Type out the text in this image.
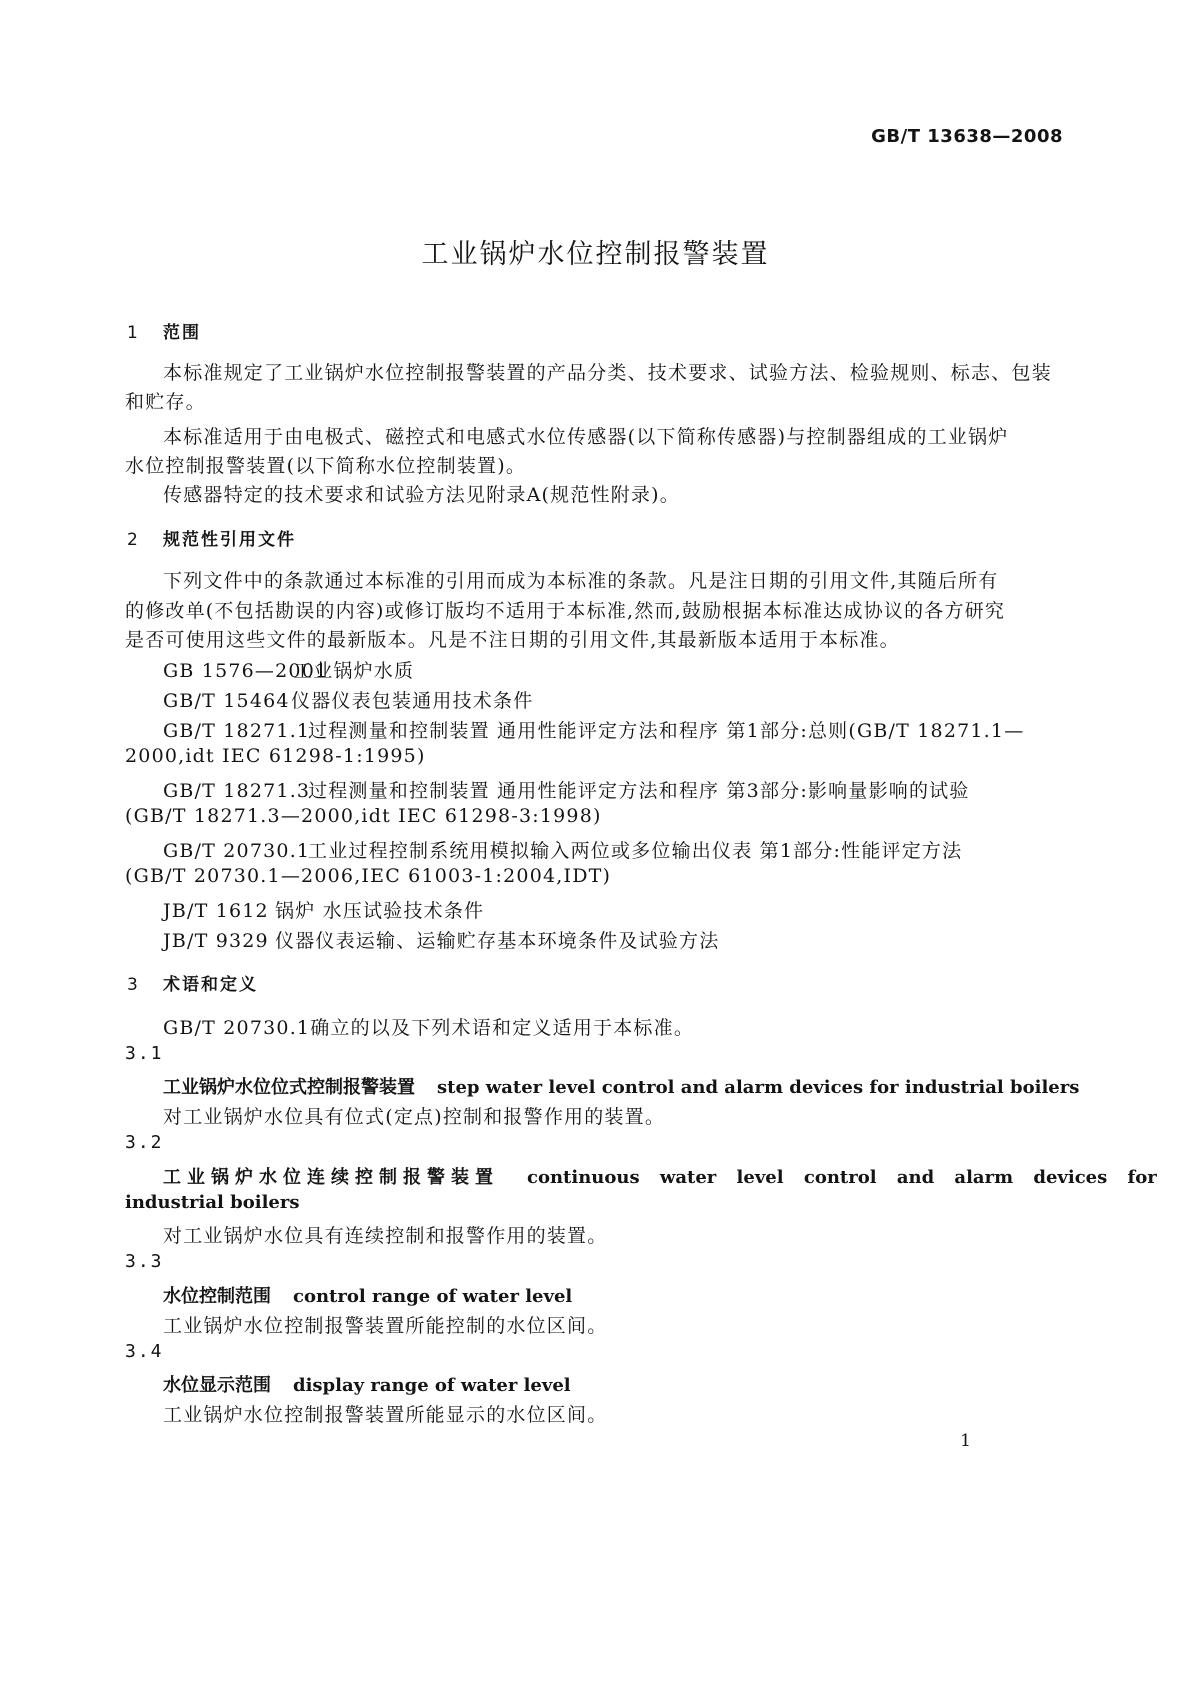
GB/T 13638—2008
工业锅炉水位控制报警装置
1 范围
本标准规定了工业锅炉水位控制报警装置的产品分类、技术要求、试验方法、检验规则、标志、包装
和贮存。
本标准适用于由电极式、磁控式和电感式水位传感器(以下简称传感器)与控制器组成的工业锅炉
水位控制报警装置(以下简称水位控制装置)。
传感器特定的技术要求和试验方法见附录A(规范性附录)。
2 规范性引用文件
下列文件中的条款通过本标准的引用而成为本标准的条款。凡是注日期的引用文件,其随后所有
的修改单(不包括勘误的内容)或修订版均不适用于本标准,然而,鼓励根据本标准达成协议的各方研究
是否可使用这些文件的最新版本。凡是不注日期的引用文件,其最新版本适用于本标准。
GB 1576—2001工业锅炉水质
GB/T 15464仪器仪表包装通用技术条件
GB/T 18271.1过程测量和控制装置 通用性能评定方法和程序 第1部分:总则(GB/T 18271.1—
2000,idt IEC 61298-1:1995)
GB/T 18271.3过程测量和控制装置 通用性能评定方法和程序 第3部分:影响量影响的试验
(GB/T 18271.3—2000,idt IEC 61298-3:1998)
GB/T 20730.1工业过程控制系统用模拟输入两位或多位输出仪表 第1部分:性能评定方法
(GB/T 20730.1—2006,IEC 61003-1:2004,IDT)
JB/T 1612 锅炉 水压试验技术条件
JB/T 9329 仪器仪表运输、运输贮存基本环境条件及试验方法
3 术语和定义
GB/T 20730.1确立的以及下列术语和定义适用于本标准。
3.1
工业锅炉水位位式控制报警装置 step water level control and alarm devices for industrial boilers
对工业锅炉水位具有位式(定点)控制和报警作用的装置。
3.2
工业锅炉水位连续控制报警装置 continuous water level control and alarm devices for
industrial boilers
对工业锅炉水位具有连续控制和报警作用的装置。
3.3
水位控制范围 control range of water level
工业锅炉水位控制报警装置所能控制的水位区间。
3.4
水位显示范围 display range of water level
工业锅炉水位控制报警装置所能显示的水位区间。
1
